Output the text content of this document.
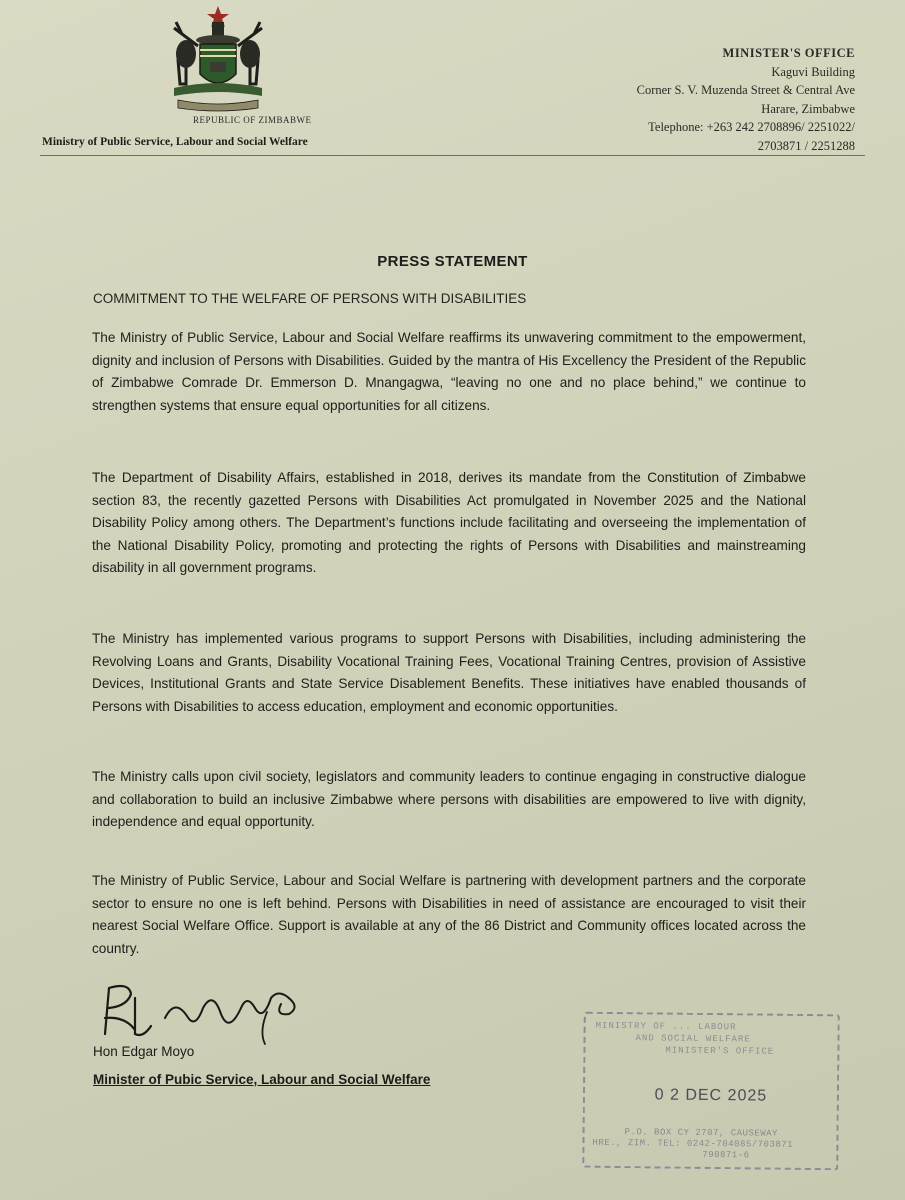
REPUBLIC OF ZIMBABWE
Ministry of Public Service, Labour and Social Welfare
MINISTER'S OFFICE
Kaguvi Building
Corner S. V. Muzenda Street & Central Ave
Harare, Zimbabwe
Telephone: +263 242 2708896/ 2251022/
2703871 / 2251288
PRESS STATEMENT
COMMITMENT TO THE WELFARE OF PERSONS WITH DISABILITIES

The Ministry of Public Service, Labour and Social Welfare reaffirms its unwavering commitment to the empowerment, dignity and inclusion of Persons with Disabilities. Guided by the mantra of His Excellency the President of the Republic of Zimbabwe Comrade Dr. Emmerson D. Mnangagwa, “leaving no one and no place behind,” we continue to strengthen systems that ensure equal opportunities for all citizens.

The Department of Disability Affairs, established in 2018, derives its mandate from the Constitution of Zimbabwe section 83, the recently gazetted Persons with Disabilities Act promulgated in November 2025 and the National Disability Policy among others. The Department’s functions include facilitating and overseeing the implementation of the National Disability Policy, promoting and protecting the rights of Persons with Disabilities and mainstreaming disability in all government programs.

The Ministry has implemented various programs to support Persons with Disabilities, including administering the Revolving Loans and Grants, Disability Vocational Training Fees, Vocational Training Centres, provision of Assistive Devices, Institutional Grants and State Service Disablement Benefits. These initiatives have enabled thousands of Persons with Disabilities to access education, employment and economic opportunities.

The Ministry calls upon civil society, legislators and community leaders to continue engaging in constructive dialogue and collaboration to build an inclusive Zimbabwe where persons with disabilities are empowered to live with dignity, independence and equal opportunity.

The Ministry of Public Service, Labour and Social Welfare is partnering with development partners and the corporate sector to ensure no one is left behind. Persons with Disabilities in need of assistance are encouraged to visit their nearest Social Welfare Office. Support is available at any of the 86 District and Community offices located across the country.

Hon Edgar Moyo
Minister of Pubic Service, Labour and Social Welfare
MINISTRY OF ... LABOUR
AND SOCIAL WELFARE
MINISTER'S OFFICE
0 2 DEC 2025
P.O. BOX CY 2707, CAUSEWAY
HRE., ZIM. TEL: 0242-704085/703871
790871-6
